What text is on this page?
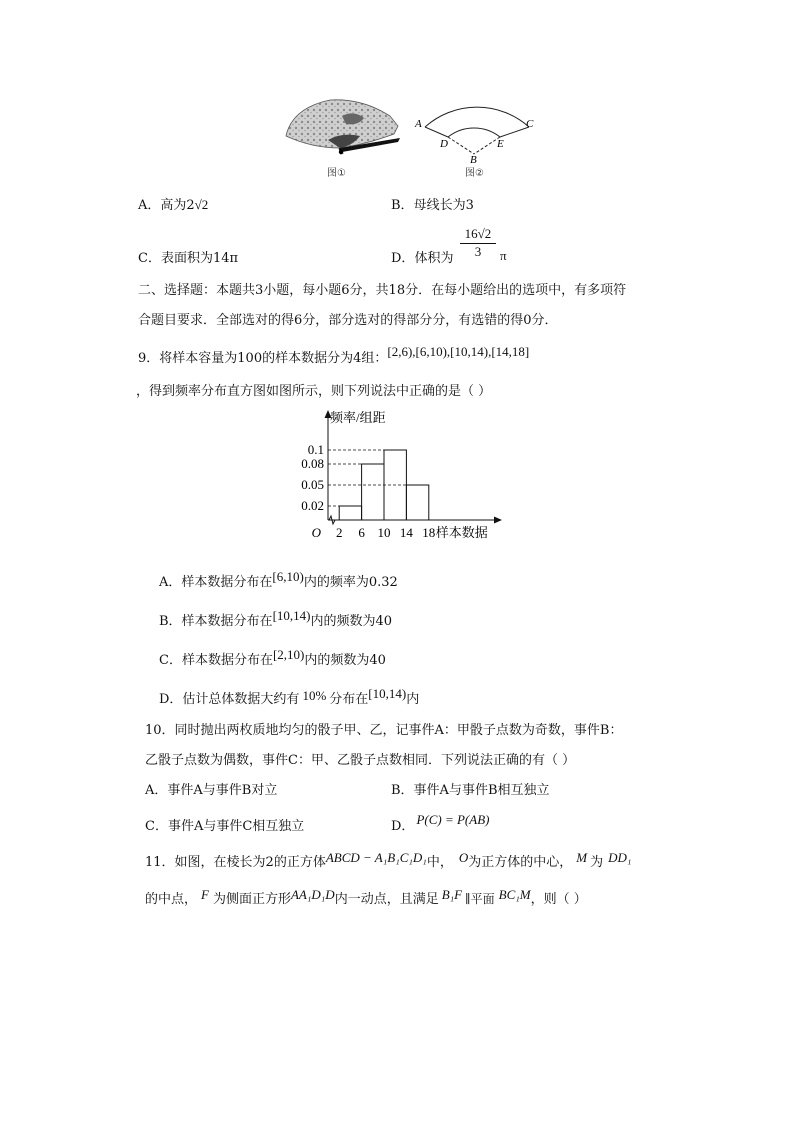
图①
A	C
D	E
B
图②
A．高为2√2	B．母线长为3
C．表面积为14π	D．体积为 $\frac{16√2}{3}$ π
二、选择题：本题共3小题，每小题6分，共18分．在每小题给出的选项中，有多项符
合题目要求．全部选对的得6分，部分选对的得部分分，有选错的得0分．
9．将样本容量为100的样本数据分为4组：[2,6),[6,10),[10,14),[14,18]
，得到频率分布直方图如图所示，则下列说法中正确的是（ ）
0.02
0.05
0.08
0.1
2 6 10 14 18
O
频率/组距
样本数据
A．样本数据分布在[6,10)内的频率为0.32
B．样本数据分布在[10,14)内的频数为40
C．样本数据分布在[2,10)内的频数为40
D．估计总体数据大约有 10% 分布在[10,14)内
10．同时抛出两枚质地均匀的骰子甲、乙，记事件A：甲骰子点数为奇数，事件B：
乙骰子点数为偶数，事件C：甲、乙骰子点数相同．下列说法正确的有（ ）
A．事件A与事件B对立	B．事件A与事件B相互独立
C．事件A与事件C相互独立	D． P(C) = P(AB)
11．如图，在棱长为2的正方体ABCD − A₁B₁C₁D₁中， O为正方体的中心， M 为 DD₁
的中点， F 为侧面正方形AA₁D₁D内一动点，且满足 B₁F ∥平面 BC₁M，则（ ）
